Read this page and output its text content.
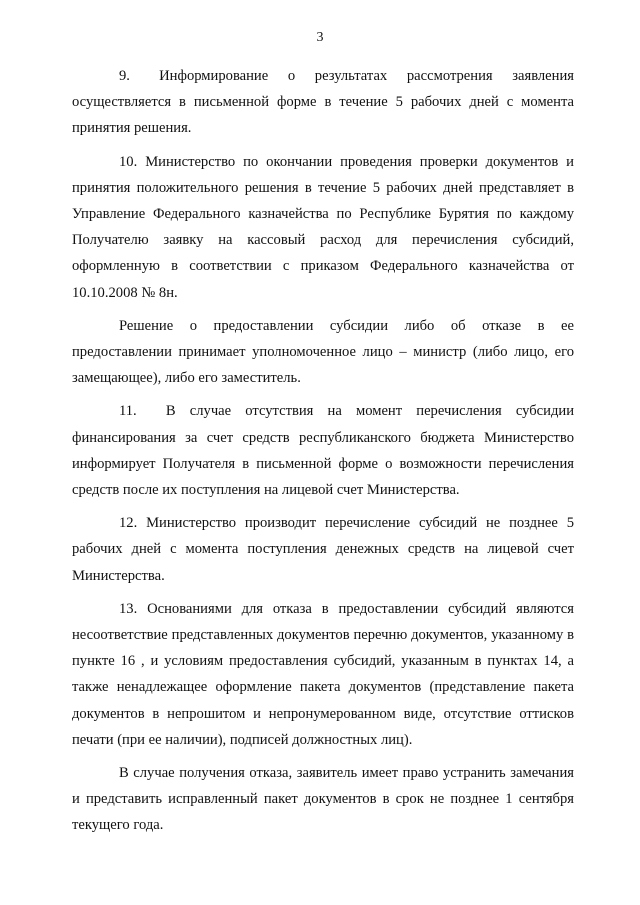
3

9.  Информирование о результатах рассмотрения заявления осуществляется в письменной форме в течение 5 рабочих дней с момента принятия решения.

10. Министерство по окончании проведения проверки документов и принятия положительного решения в течение 5 рабочих дней представляет в Управление Федерального казначейства по Республике Бурятия по каждому Получателю заявку на кассовый расход для перечисления субсидий, оформленную в соответствии с приказом Федерального казначейства от 10.10.2008 № 8н.

Решение о предоставлении субсидии либо об отказе в ее предоставлении принимает уполномоченное лицо – министр (либо лицо, его замещающее), либо его заместитель.

11.  В случае отсутствия на момент перечисления субсидии финансирования за счет средств республиканского бюджета Министерство информирует Получателя в письменной форме о возможности перечисления средств после их поступления на лицевой счет Министерства.

12. Министерство производит перечисление субсидий не позднее 5 рабочих дней с момента поступления денежных средств на лицевой счет Министерства.

13. Основаниями для отказа в предоставлении субсидий являются несоответствие представленных документов перечню документов, указанному в пункте 16 , и условиям предоставления субсидий, указанным в пунктах 14, а также ненадлежащее оформление пакета документов (представление пакета документов в непрошитом и непронумерованном виде, отсутствие оттисков печати (при ее наличии), подписей должностных лиц).

В случае получения отказа, заявитель имеет право устранить замечания и представить исправленный пакет документов в срок не позднее 1 сентября текущего года.
